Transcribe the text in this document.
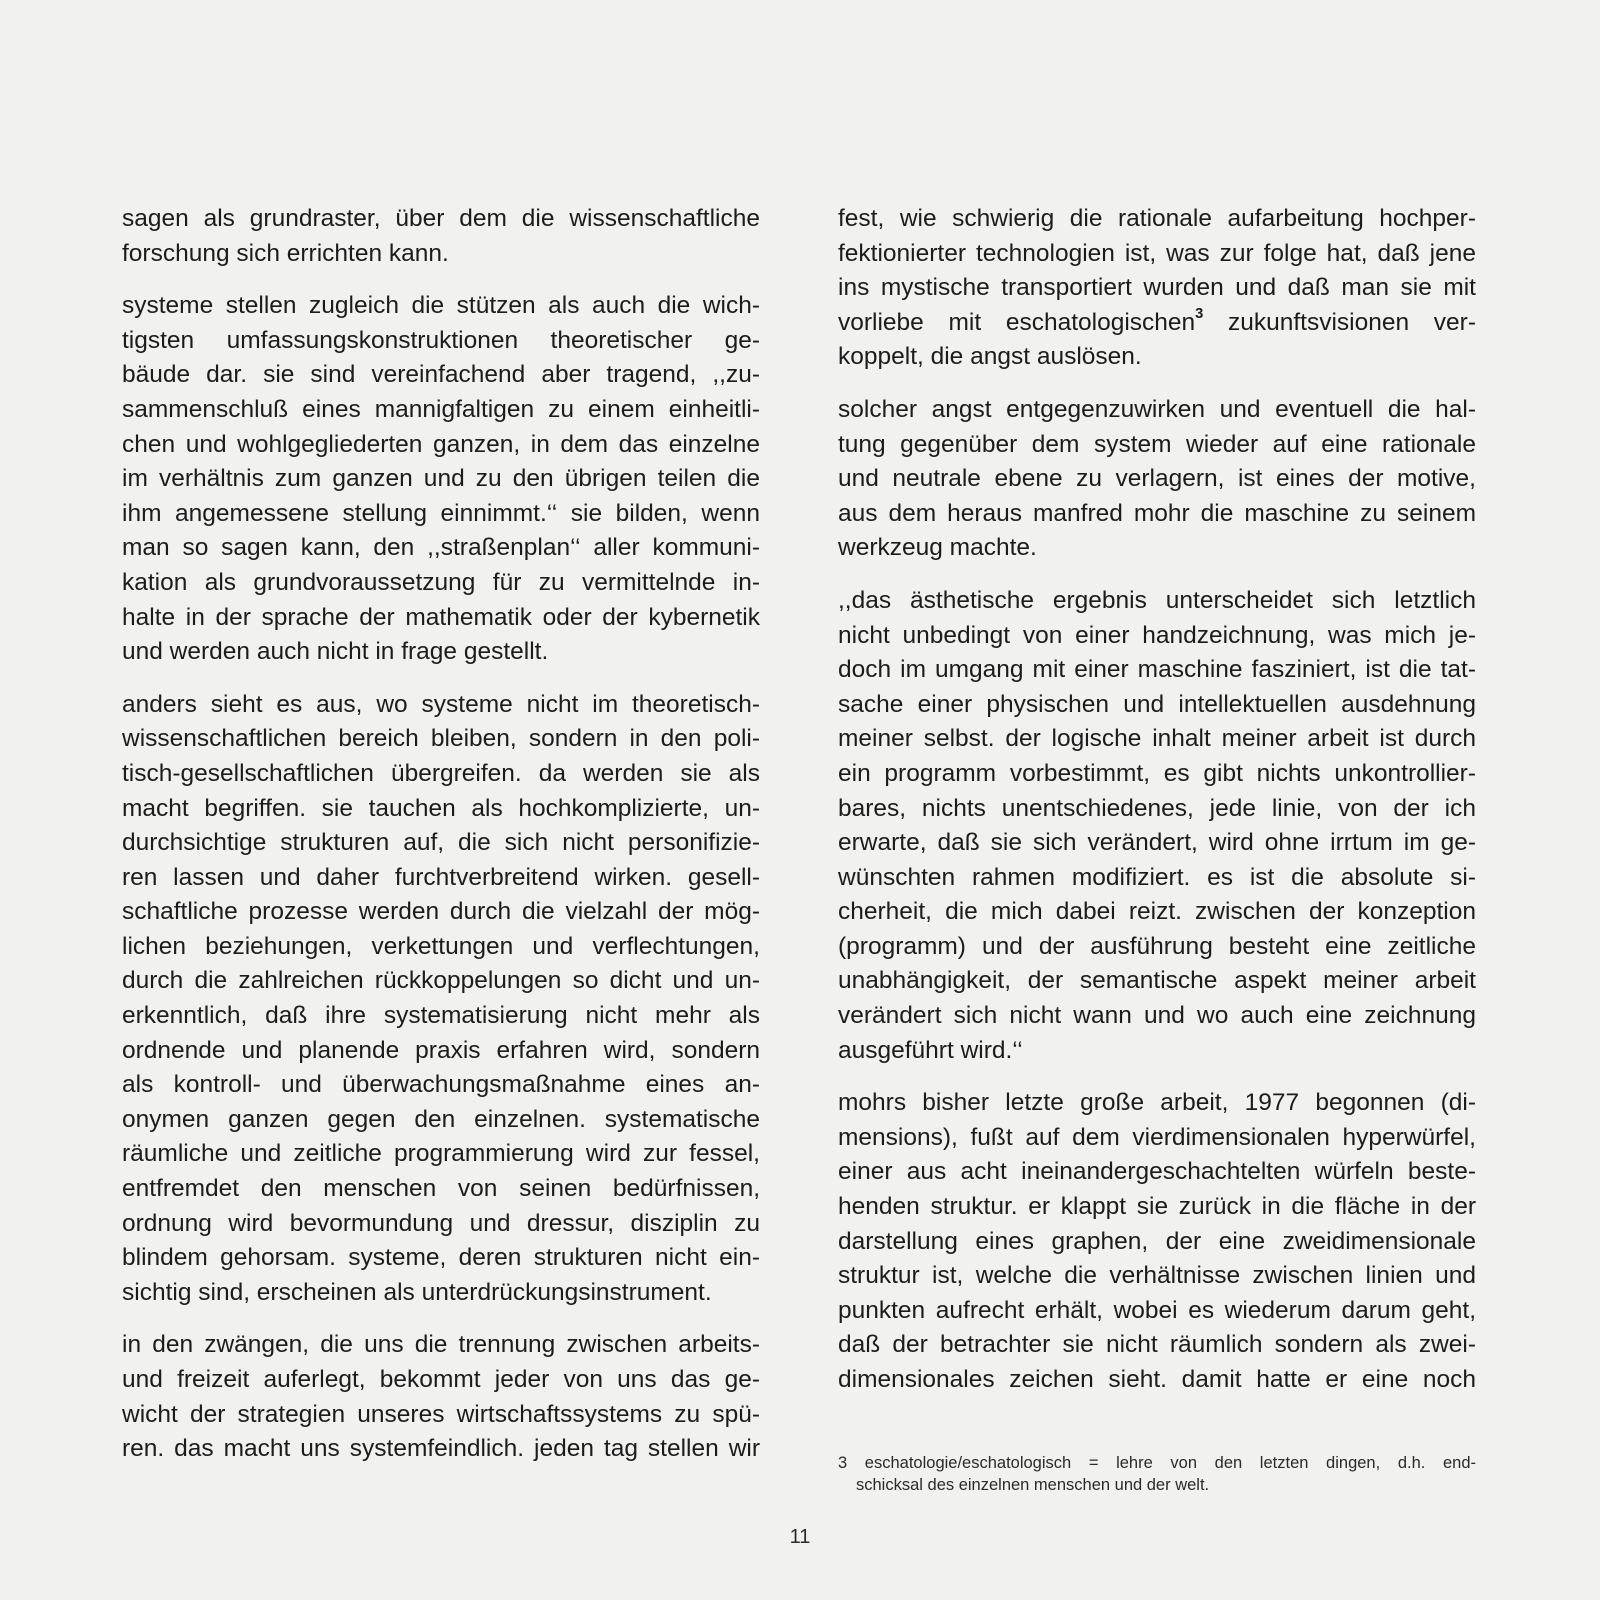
sagen als grundraster, über dem die wissenschaftliche
forschung sich errichten kann.

systeme stellen zugleich die stützen als auch die wich-
tigsten umfassungskonstruktionen theoretischer ge-
bäude dar. sie sind vereinfachend aber tragend, ,,zu-
sammenschluß eines mannigfaltigen zu einem einheitli-
chen und wohlgegliederten ganzen, in dem das einzelne
im verhältnis zum ganzen und zu den übrigen teilen die
ihm angemessene stellung einnimmt.‘‘ sie bilden, wenn
man so sagen kann, den ,,straßenplan‘‘ aller kommuni-
kation als grundvoraussetzung für zu vermittelnde in-
halte in der sprache der mathematik oder der kybernetik
und werden auch nicht in frage gestellt.

anders sieht es aus, wo systeme nicht im theoretisch-
wissenschaftlichen bereich bleiben, sondern in den poli-
tisch-gesellschaftlichen übergreifen. da werden sie als
macht begriffen. sie tauchen als hochkomplizierte, un-
durchsichtige strukturen auf, die sich nicht personifizie-
ren lassen und daher furchtverbreitend wirken. gesell-
schaftliche prozesse werden durch die vielzahl der mög-
lichen beziehungen, verkettungen und verflechtungen,
durch die zahlreichen rückkoppelungen so dicht und un-
erkenntlich, daß ihre systematisierung nicht mehr als
ordnende und planende praxis erfahren wird, sondern
als kontroll- und überwachungsmaßnahme eines an-
onymen ganzen gegen den einzelnen. systematische
räumliche und zeitliche programmierung wird zur fessel,
entfremdet den menschen von seinen bedürfnissen,
ordnung wird bevormundung und dressur, disziplin zu
blindem gehorsam. systeme, deren strukturen nicht ein-
sichtig sind, erscheinen als unterdrückungsinstrument.

in den zwängen, die uns die trennung zwischen arbeits-
und freizeit auferlegt, bekommt jeder von uns das ge-
wicht der strategien unseres wirtschaftssystems zu spü-
ren. das macht uns systemfeindlich. jeden tag stellen wir

fest, wie schwierig die rationale aufarbeitung hochper-
fektionierter technologien ist, was zur folge hat, daß jene
ins mystische transportiert wurden und daß man sie mit
vorliebe mit eschatologischen$^3$ zukunftsvisionen ver-
koppelt, die angst auslösen.

solcher angst entgegenzuwirken und eventuell die hal-
tung gegenüber dem system wieder auf eine rationale
und neutrale ebene zu verlagern, ist eines der motive,
aus dem heraus manfred mohr die maschine zu seinem
werkzeug machte.

,,das ästhetische ergebnis unterscheidet sich letztlich
nicht unbedingt von einer handzeichnung, was mich je-
doch im umgang mit einer maschine fasziniert, ist die tat-
sache einer physischen und intellektuellen ausdehnung
meiner selbst. der logische inhalt meiner arbeit ist durch
ein programm vorbestimmt, es gibt nichts unkontrollier-
bares, nichts unentschiedenes, jede linie, von der ich
erwarte, daß sie sich verändert, wird ohne irrtum im ge-
wünschten rahmen modifiziert. es ist die absolute si-
cherheit, die mich dabei reizt. zwischen der konzeption
(programm) und der ausführung besteht eine zeitliche
unabhängigkeit, der semantische aspekt meiner arbeit
verändert sich nicht wann und wo auch eine zeichnung
ausgeführt wird.‘‘

mohrs bisher letzte große arbeit, 1977 begonnen (di-
mensions), fußt auf dem vierdimensionalen hyperwürfel,
einer aus acht ineinandergeschachtelten würfeln beste-
henden struktur. er klappt sie zurück in die fläche in der
darstellung eines graphen, der eine zweidimensionale
struktur ist, welche die verhältnisse zwischen linien und
punkten aufrecht erhält, wobei es wiederum darum geht,
daß der betrachter sie nicht räumlich sondern als zwei-
dimensionales zeichen sieht. damit hatte er eine noch

3 eschatologie/eschatologisch = lehre von den letzten dingen, d.h. end-
schicksal des einzelnen menschen und der welt.
11
